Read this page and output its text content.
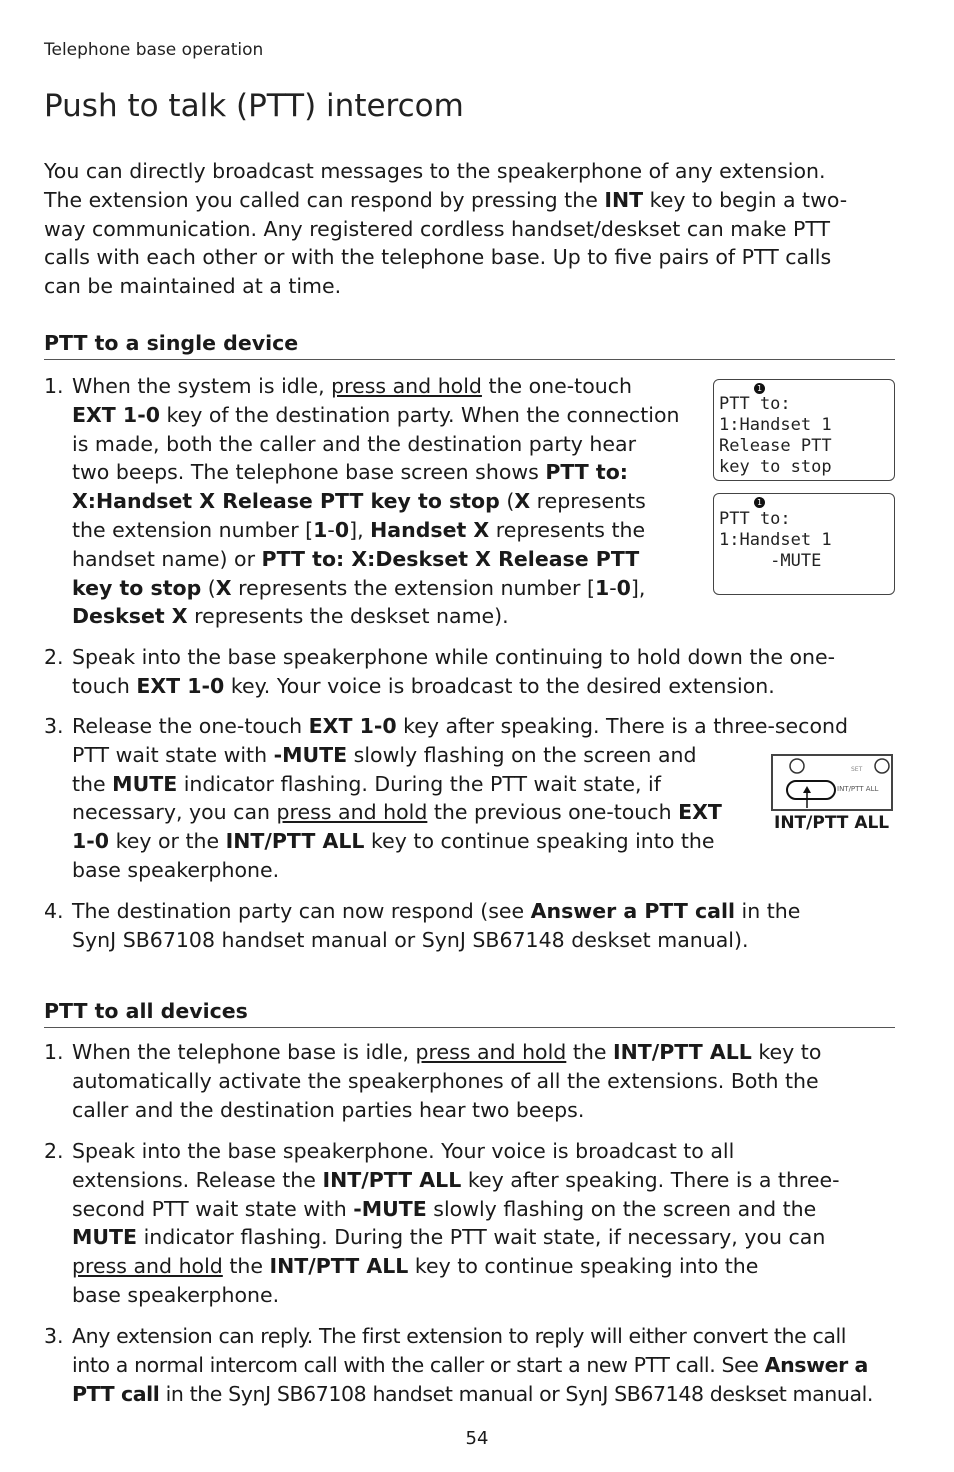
Telephone base operation
Push to talk (PTT) intercom

You can directly broadcast messages to the speakerphone of any extension.
The extension you called can respond by pressing the INT key to begin a two-
way communication. Any registered cordless handset/deskset can make PTT
calls with each other or with the telephone base. Up to five pairs of PTT calls
can be maintained at a time.

PTT to a single device
1. When the system is idle, press and hold the one-touch
EXT 1-0 key of the destination party. When the connection
is made, both the caller and the destination party hear
two beeps. The telephone base screen shows PTT to:
X:Handset X Release PTT key to stop (X represents
the extension number [1-0], Handset X represents the
handset name) or PTT to: X:Deskset X Release PTT
key to stop (X represents the extension number [1-0],
Deskset X represents the deskset name).
1
PTT to:
1:Handset 1
Release PTT
key to stop
1
PTT to:
1:Handset 1
-MUTE
2. Speak into the base speakerphone while continuing to hold down the one-
touch EXT 1-0 key. Your voice is broadcast to the desired extension.
3. Release the one-touch EXT 1-0 key after speaking. There is a three-second
PTT wait state with -MUTE slowly flashing on the screen and
the MUTE indicator flashing. During the PTT wait state, if
necessary, you can press and hold the previous one-touch EXT
1-0 key or the INT/PTT ALL key to continue speaking into the
base speakerphone.
SET
INT/PTT ALL
INT/PTT ALL
4. The destination party can now respond (see Answer a PTT call in the
SynJ SB67108 handset manual or SynJ SB67148 deskset manual).
PTT to all devices
1. When the telephone base is idle, press and hold the INT/PTT ALL key to
automatically activate the speakerphones of all the extensions. Both the
caller and the destination parties hear two beeps.
2. Speak into the base speakerphone. Your voice is broadcast to all
extensions. Release the INT/PTT ALL key after speaking. There is a three-
second PTT wait state with -MUTE slowly flashing on the screen and the
MUTE indicator flashing. During the PTT wait state, if necessary, you can
press and hold the INT/PTT ALL key to continue speaking into the
base speakerphone.
3. Any extension can reply. The first extension to reply will either convert the call
into a normal intercom call with the caller or start a new PTT call. See Answer a
PTT call in the SynJ SB67108 handset manual or SynJ SB67148 deskset manual.
54
